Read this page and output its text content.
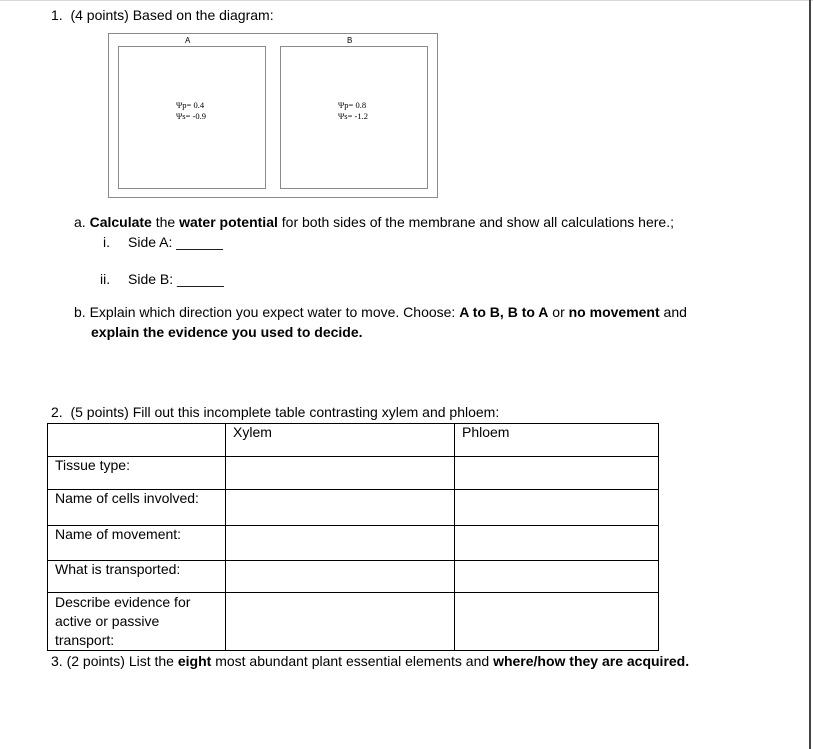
1. (4 points) Based on the diagram:
A	B
Ψp= 0.4
Ψs= -0.9
Ψp= 0.8
Ψs= -1.2
a. Calculate the water potential for both sides of the membrane and show all calculations here.;
i. Side A: ______
ii. Side B: ______
b. Explain which direction you expect water to move. Choose: A to B, B to A or no movement and
explain the evidence you used to decide.
2. (5 points) Fill out this incomplete table contrasting xylem and phloem:
	Xylem	Phloem
Tissue type:		
Name of cells involved:		
Name of movement:		
What is transported:		
Describe evidence for
active or passive transport:		
3. (2 points) List the eight most abundant plant essential elements and where/how they are acquired.
